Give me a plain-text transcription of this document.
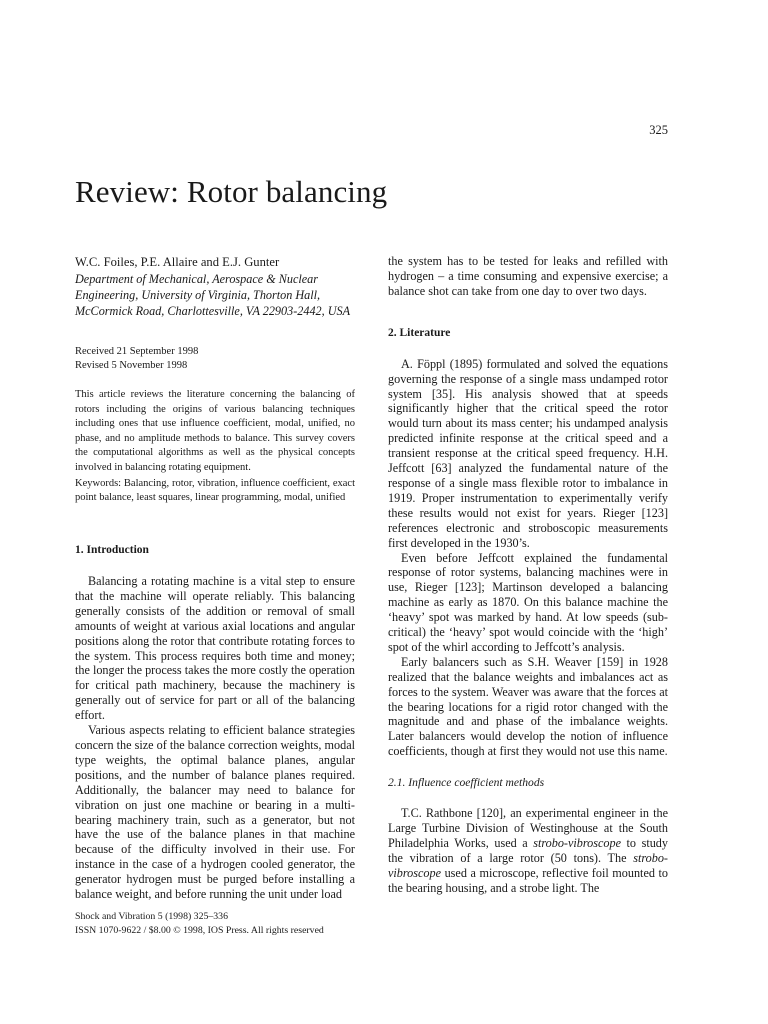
325
Review: Rotor balancing

W.C. Foiles, P.E. Allaire and E.J. Gunter

Department of Mechanical, Aerospace & Nuclear Engineering, University of Virginia, Thorton Hall, McCormick Road, Charlottesville, VA 22903-2442, USA

Received 21 September 1998
Revised 5 November 1998

This article reviews the literature concerning the balancing of rotors including the origins of various balancing techniques including ones that use influence coefficient, modal, unified, no phase, and no amplitude methods to balance. This survey covers the computational algorithms as well as the physical concepts involved in balancing rotating equipment.

Keywords: Balancing, rotor, vibration, influence coefficient, exact point balance, least squares, linear programming, modal, unified

1. Introduction

Balancing a rotating machine is a vital step to ensure that the machine will operate reliably. This balancing generally consists of the addition or removal of small amounts of weight at various axial locations and angular positions along the rotor that contribute rotating forces to the system. This process requires both time and money; the longer the process takes the more costly the operation for critical path machinery, because the machinery is generally out of service for part or all of the balancing effort.

Various aspects relating to efficient balance strategies concern the size of the balance correction weights, modal type weights, the optimal balance planes, angular positions, and the number of balance planes required. Additionally, the balancer may need to balance for vibration on just one machine or bearing in a multi-bearing machinery train, such as a generator, but not have the use of the balance planes in that machine because of the difficulty involved in their use. For instance in the case of a hydrogen cooled generator, the generator hydrogen must be purged before installing a balance weight, and before running the unit under load

the system has to be tested for leaks and refilled with hydrogen – a time consuming and expensive exercise; a balance shot can take from one day to over two days.

2. Literature

A. Föppl (1895) formulated and solved the equations governing the response of a single mass undamped rotor system [35]. His analysis showed that at speeds significantly higher that the critical speed the rotor would turn about its mass center; his undamped analysis predicted infinite response at the critical speed and a transient response at the critical speed frequency. H.H. Jeffcott [63] analyzed the fundamental nature of the response of a single mass flexible rotor to imbalance in 1919. Proper instrumentation to experimentally verify these results would not exist for years. Rieger [123] references electronic and stroboscopic measurements first developed in the 1930’s.

Even before Jeffcott explained the fundamental response of rotor systems, balancing machines were in use, Rieger [123]; Martinson developed a balancing machine as early as 1870. On this balance machine the ‘heavy’ spot was marked by hand. At low speeds (sub-critical) the ‘heavy’ spot would coincide with the ‘high’ spot of the whirl according to Jeffcott’s analysis.

Early balancers such as S.H. Weaver [159] in 1928 realized that the balance weights and imbalances act as forces to the system. Weaver was aware that the forces at the bearing locations for a rigid rotor changed with the magnitude and and phase of the imbalance weights. Later balancers would develop the notion of influence coefficients, though at first they would not use this name.

2.1. Influence coefficient methods

T.C. Rathbone [120], an experimental engineer in the Large Turbine Division of Westinghouse at the South Philadelphia Works, used a strobo-vibroscope to study the vibration of a large rotor (50 tons). The strobo-vibroscope used a microscope, reflective foil mounted to the bearing housing, and a strobe light. The

Shock and Vibration 5 (1998) 325–336
ISSN 1070-9622 / $8.00 © 1998, IOS Press. All rights reserved
